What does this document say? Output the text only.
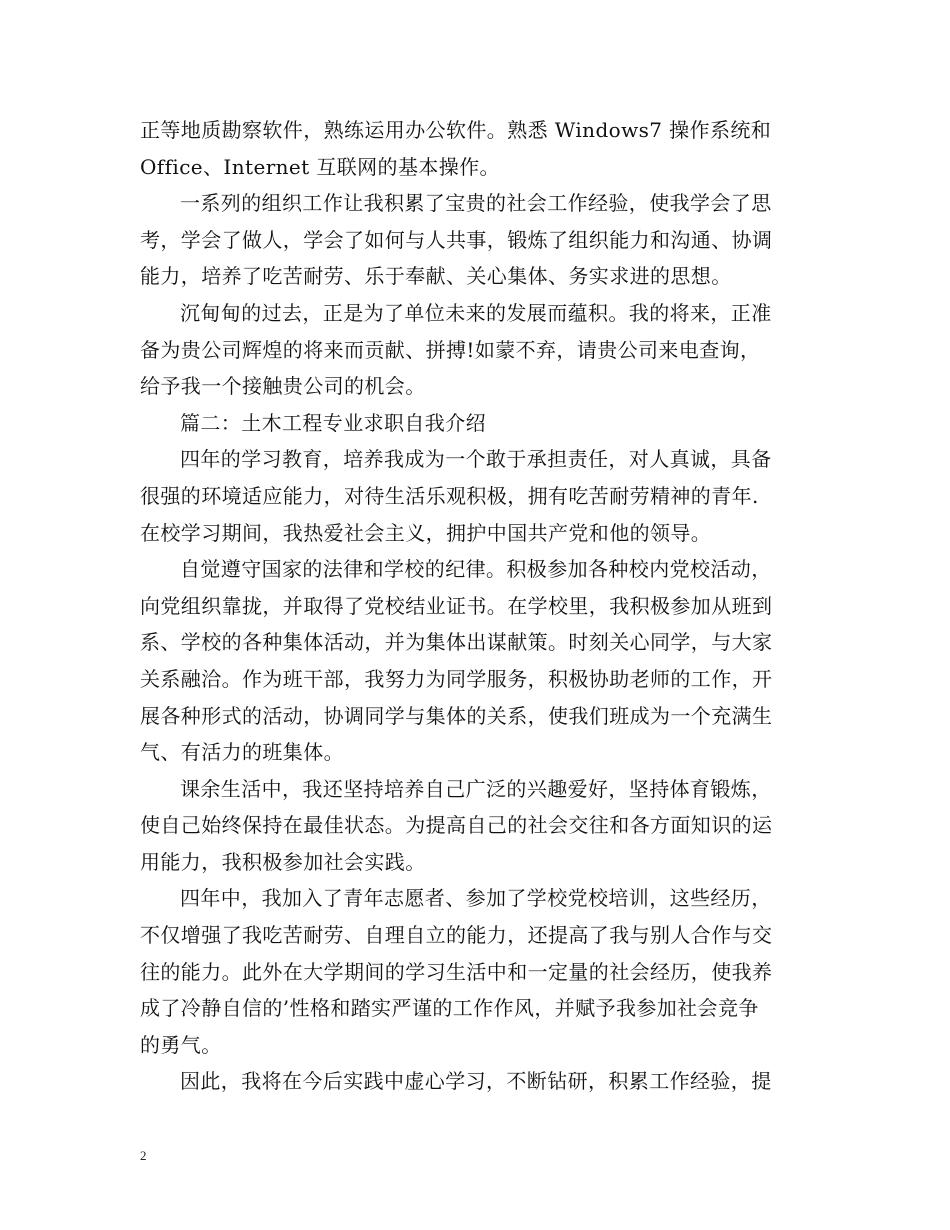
正等地质勘察软件，熟练运用办公软件。熟悉 Windows7 操作系统和
Office、Internet 互联网的基本操作。
一系列的组织工作让我积累了宝贵的社会工作经验，使我学会了思
考，学会了做人，学会了如何与人共事，锻炼了组织能力和沟通、协调
能力，培养了吃苦耐劳、乐于奉献、关心集体、务实求进的思想。
沉甸甸的过去，正是为了单位未来的发展而蕴积。我的将来，正准
备为贵公司辉煌的将来而贡献、拼搏!如蒙不弃，请贵公司来电查询，
给予我一个接触贵公司的机会。
篇二：土木工程专业求职自我介绍
四年的学习教育，培养我成为一个敢于承担责任，对人真诚，具备
很强的环境适应能力，对待生活乐观积极，拥有吃苦耐劳精神的青年.
在校学习期间，我热爱社会主义，拥护中国共产党和他的领导。
自觉遵守国家的法律和学校的纪律。积极参加各种校内党校活动，
向党组织靠拢，并取得了党校结业证书。在学校里，我积极参加从班到
系、学校的各种集体活动，并为集体出谋献策。时刻关心同学，与大家
关系融洽。作为班干部，我努力为同学服务，积极协助老师的工作，开
展各种形式的活动，协调同学与集体的关系，使我们班成为一个充满生
气、有活力的班集体。
课余生活中，我还坚持培养自己广泛的兴趣爱好，坚持体育锻炼，
使自己始终保持在最佳状态。为提高自己的社会交往和各方面知识的运
用能力，我积极参加社会实践。
四年中，我加入了青年志愿者、参加了学校党校培训，这些经历，
不仅增强了我吃苦耐劳、自理自立的能力，还提高了我与别人合作与交
往的能力。此外在大学期间的学习生活中和一定量的社会经历，使我养
成了冷静自信的’性格和踏实严谨的工作作风，并赋予我参加社会竞争
的勇气。
因此，我将在今后实践中虚心学习，不断钻研，积累工作经验，提
2
